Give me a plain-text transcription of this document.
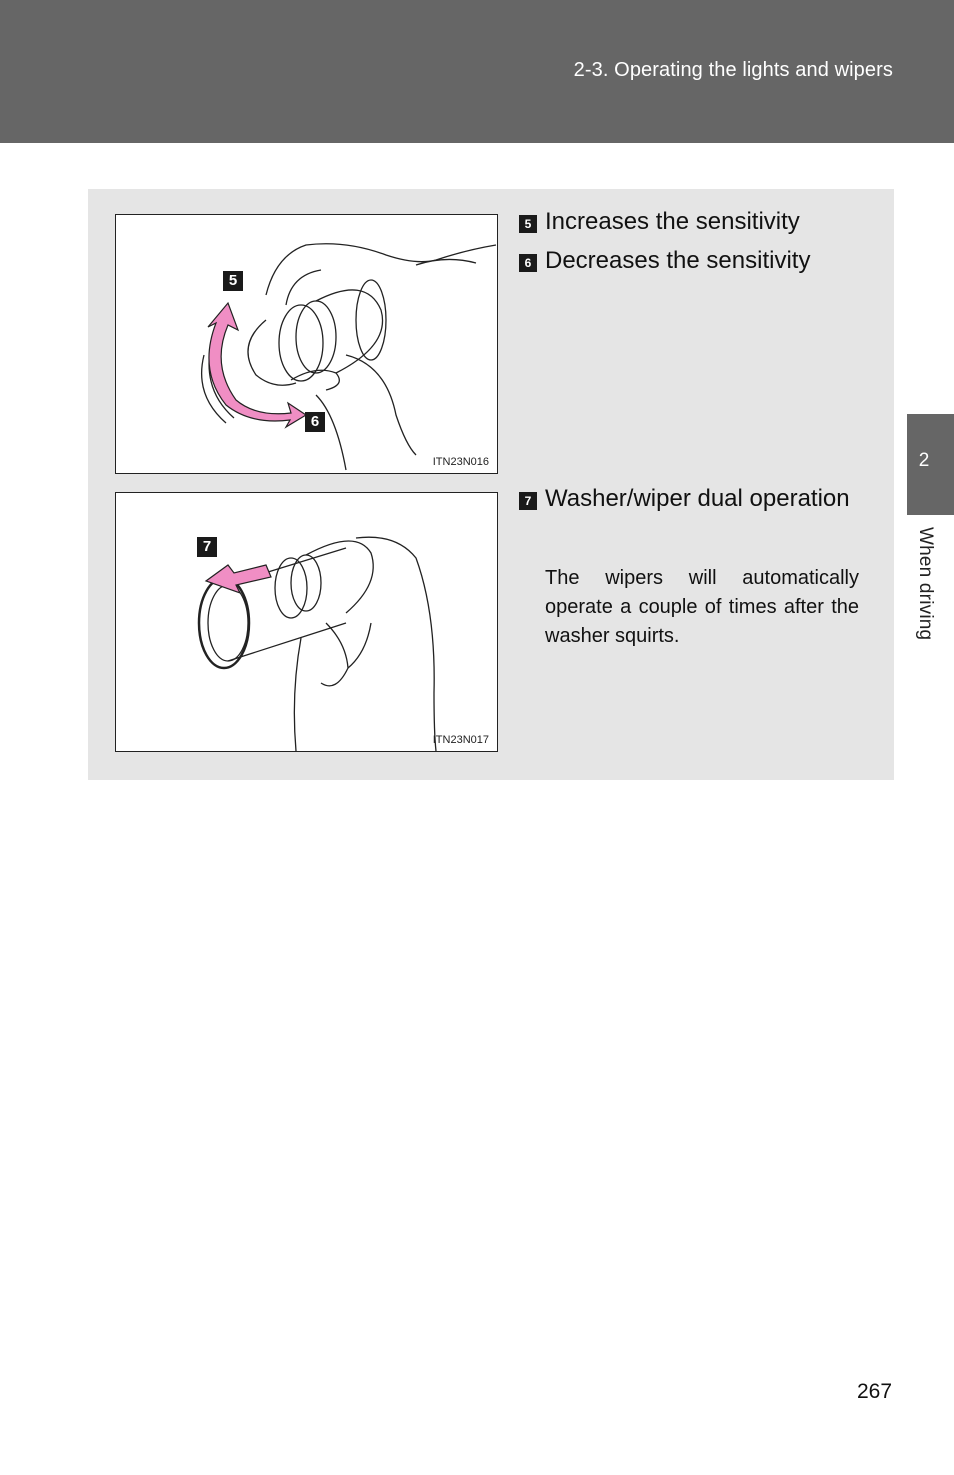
2-3. Operating the lights and wipers
2
When driving
5
6
ITN23N016
7
ITN23N017
5 Increases the sensitivity
6 Decreases the sensitivity
7 Washer/wiper dual operation
The wipers will automatically operate a couple of times after the washer squirts.
267
